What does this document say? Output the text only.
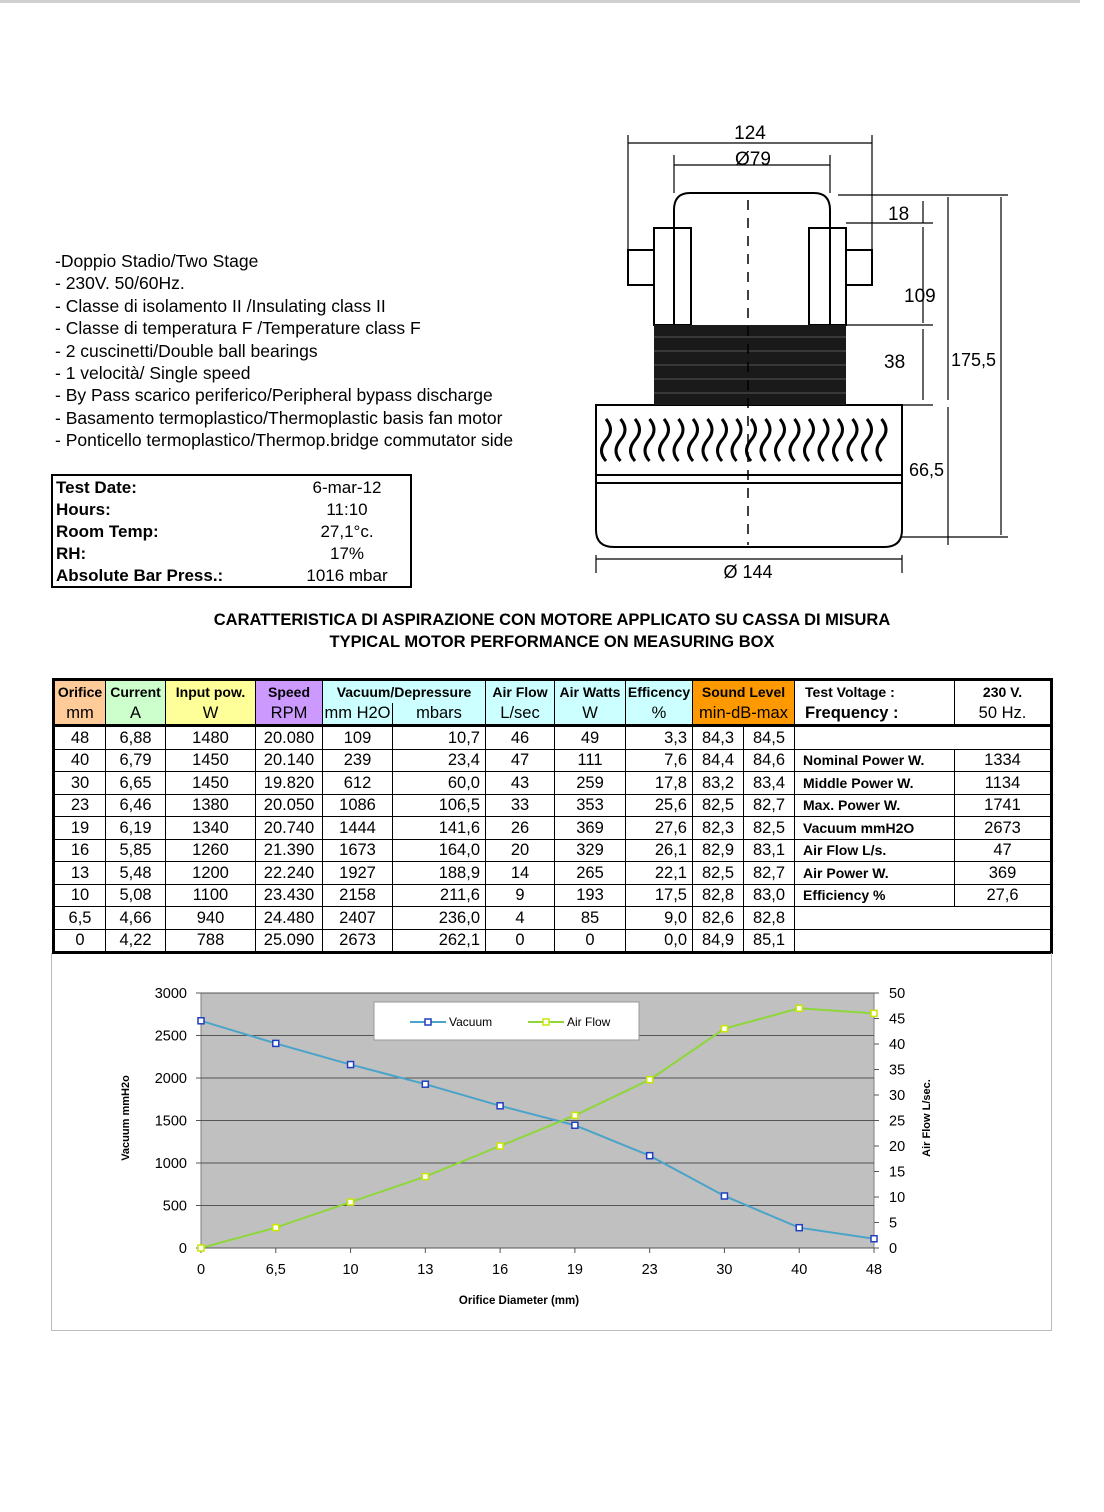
-Doppio Stadio/Two Stage
- 230V. 50/60Hz.
- Classe di isolamento II /Insulating class II
- Classe di temperatura F /Temperature class F
- 2 cuscinetti/Double ball bearings
- 1 velocità/ Single speed
- By Pass scarico periferico/Peripheral bypass discharge
- Basamento termoplastico/Thermoplastic basis fan motor
- Ponticello termoplastico/Thermop.bridge commutator side
Test Date:	6-mar-12
Hours:	11:10
Room Temp:	27,1°c.
RH:	17%
Absolute Bar Press.:	1016 mbar
124
Ø79
18
109
38	175,5
66,5
Ø 144
CARATTERISTICA DI ASPIRAZIONE CON MOTORE APPLICATO SU CASSA DI MISURA
TYPICAL MOTOR PERFORMANCE ON MEASURING BOX
Orifice	Current	Input pow.	Speed	Vacuum/Depressure		Air Flow	Air Watts	Efficency	Sound Level		Test Voltage :	230 V.
mm	A	W	RPM	mm H2O	mbars	L/sec	W	%	min-dB-max		Frequency :	50 Hz.
48	6,88	1480	20.080	109	10,7	46	49	3,3	84,3	84,5		
40	6,79	1450	20.140	239	23,4	47	111	7,6	84,4	84,6	Nominal Power W.	1334
30	6,65	1450	19.820	612	60,0	43	259	17,8	83,2	83,4	Middle Power W.	1134
23	6,46	1380	20.050	1086	106,5	33	353	25,6	82,5	82,7	Max. Power W.	1741
19	6,19	1340	20.740	1444	141,6	26	369	27,6	82,3	82,5	Vacuum mmH2O	2673
16	5,85	1260	21.390	1673	164,0	20	329	26,1	82,9	83,1	Air Flow L/s.	47
13	5,48	1200	22.240	1927	188,9	14	265	22,1	82,5	82,7	Air Power W.	369
10	5,08	1100	23.430	2158	211,6	9	193	17,5	82,8	83,0	Efficiency %	27,6
6,5	4,66	940	24.480	2407	236,0	4	85	9,0	82,6	82,8		
0	4,22	788	25.090	2673	262,1	0	0	0,0	84,9	85,1		
0
500
1000
1500
2000
2500
3000
0
5
10
15
20
25
30
35
40
45
50
0	6,5	10	13	16	19	23	30	40	48
Vacuum	Air Flow
Vacuum mmH2o	Air Flow L/sec.
Orifice Diameter (mm)
